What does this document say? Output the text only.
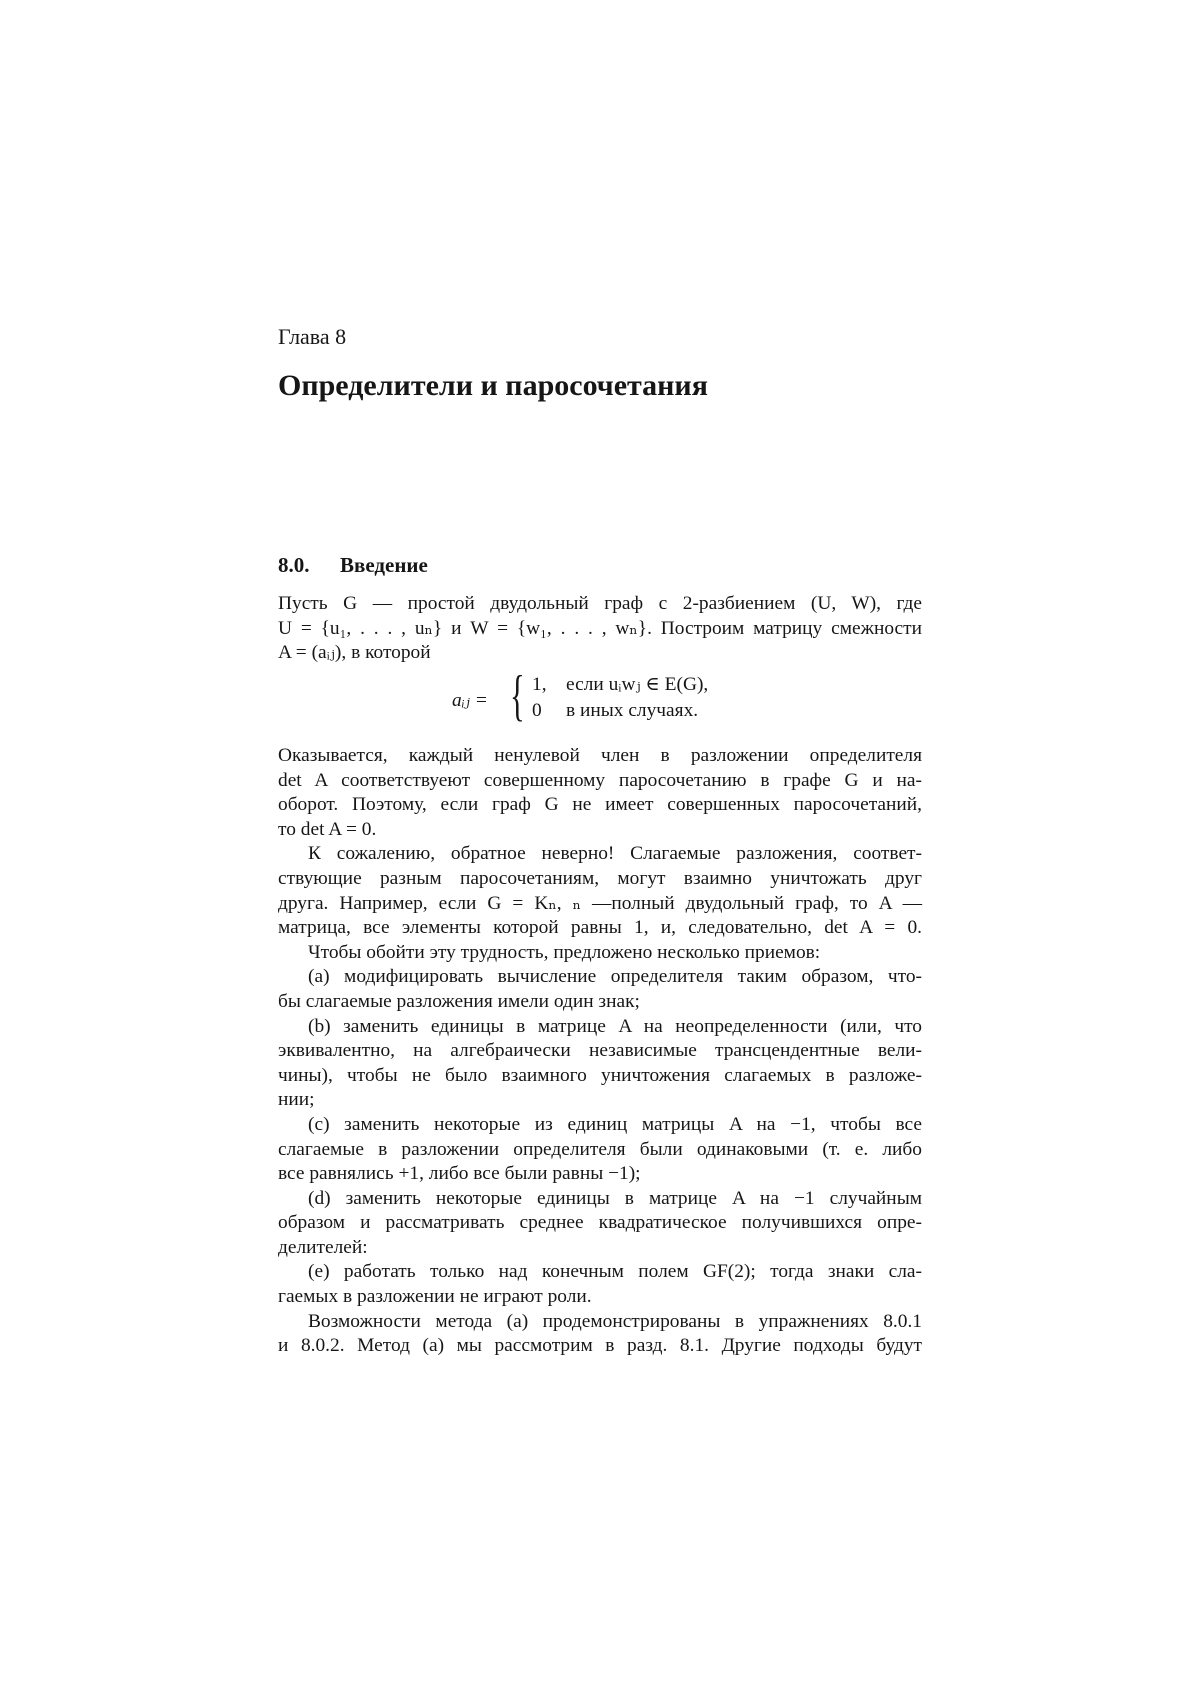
Глава 8
Определители и паросочетания
8.0. Введение
Пусть G — простой двудольный граф с 2-разбиением (U, W), где
U = {u₁, . . . , uₙ} и W = {w₁, . . . , wₙ}. Построим матрицу смежности
A = (aᵢⱼ), в которой
aᵢⱼ = { 1, если uᵢwⱼ ∈ E(G),
0 в иных случаях.

Оказывается, каждый ненулевой член в разложении определителя
det A соответствуеют совершенному паросочетанию в графе G и на-
оборот. Поэтому, если граф G не имеет совершенных паросочетаний,
то det A = 0.

К сожалению, обратное неверно! Слагаемые разложения, соответ-
ствующие разным паросочетаниям, могут взаимно уничтожать друг
друга. Например, если G = Kₙ, ₙ —полный двудольный граф, то A —
матрица, все элементы которой равны 1, и, следовательно, det A = 0.

Чтобы обойти эту трудность, предложено несколько приемов:

(a) модифицировать вычисление определителя таким образом, что-
бы слагаемые разложения имели один знак;

(b) заменить единицы в матрице A на неопределенности (или, что
эквивалентно, на алгебраически независимые трансцендентные вели-
чины), чтобы не было взаимного уничтожения слагаемых в разложе-
нии;

(c) заменить некоторые из единиц матрицы A на −1, чтобы все
слагаемые в разложении определителя были одинаковыми (т. е. либо
все равнялись +1, либо все были равны −1);

(d) заменить некоторые единицы в матрице A на −1 случайным
образом и рассматривать среднее квадратическое получившихся опре-
делителей:

(e) работать только над конечным полем GF(2); тогда знаки сла-
гаемых в разложении не играют роли.

Возможности метода (a) продемонстрированы в упражнениях 8.0.1
и 8.0.2. Метод (a) мы рассмотрим в разд. 8.1. Другие подходы будут
